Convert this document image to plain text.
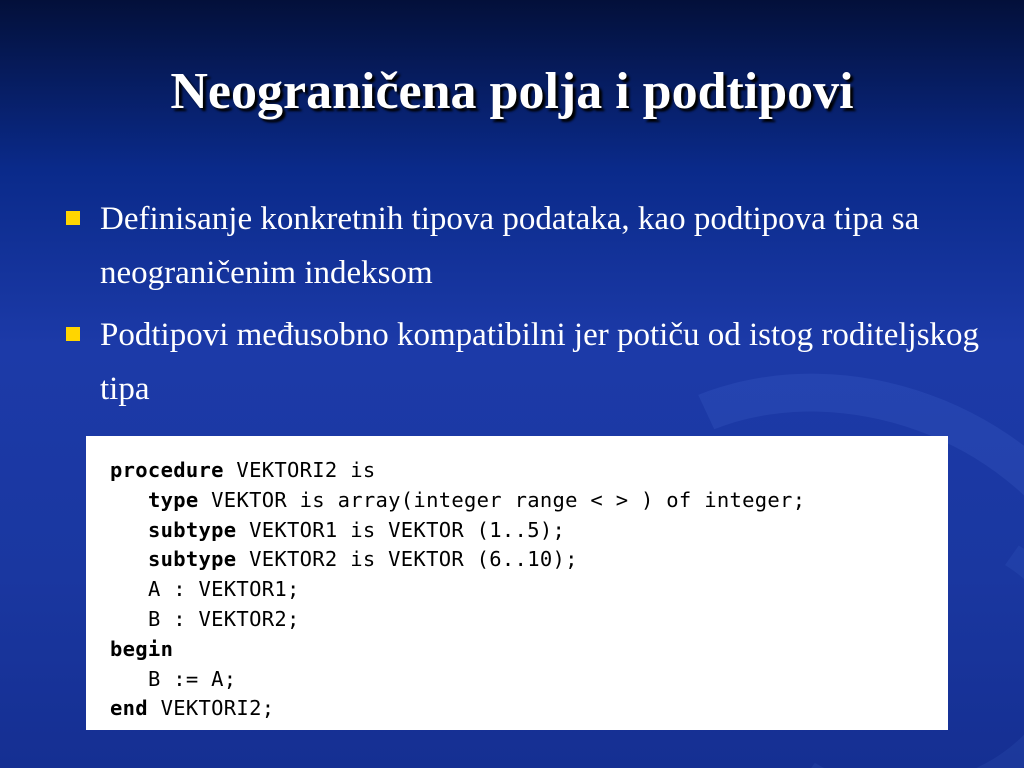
Neograničena polja i podtipovi
Definisanje konkretnih tipova podataka, kao podtipova tipa sa neograničenim indeksom
Podtipovi međusobno kompatibilni jer potiču od istog roditeljskog tipa
procedure VEKTORI2 is
type VEKTOR is array(integer range < > ) of integer;
subtype VEKTOR1 is VEKTOR (1..5);
subtype VEKTOR2 is VEKTOR (6..10);
A : VEKTOR1;
B : VEKTOR2;
begin
B := A;
end VEKTORI2;
